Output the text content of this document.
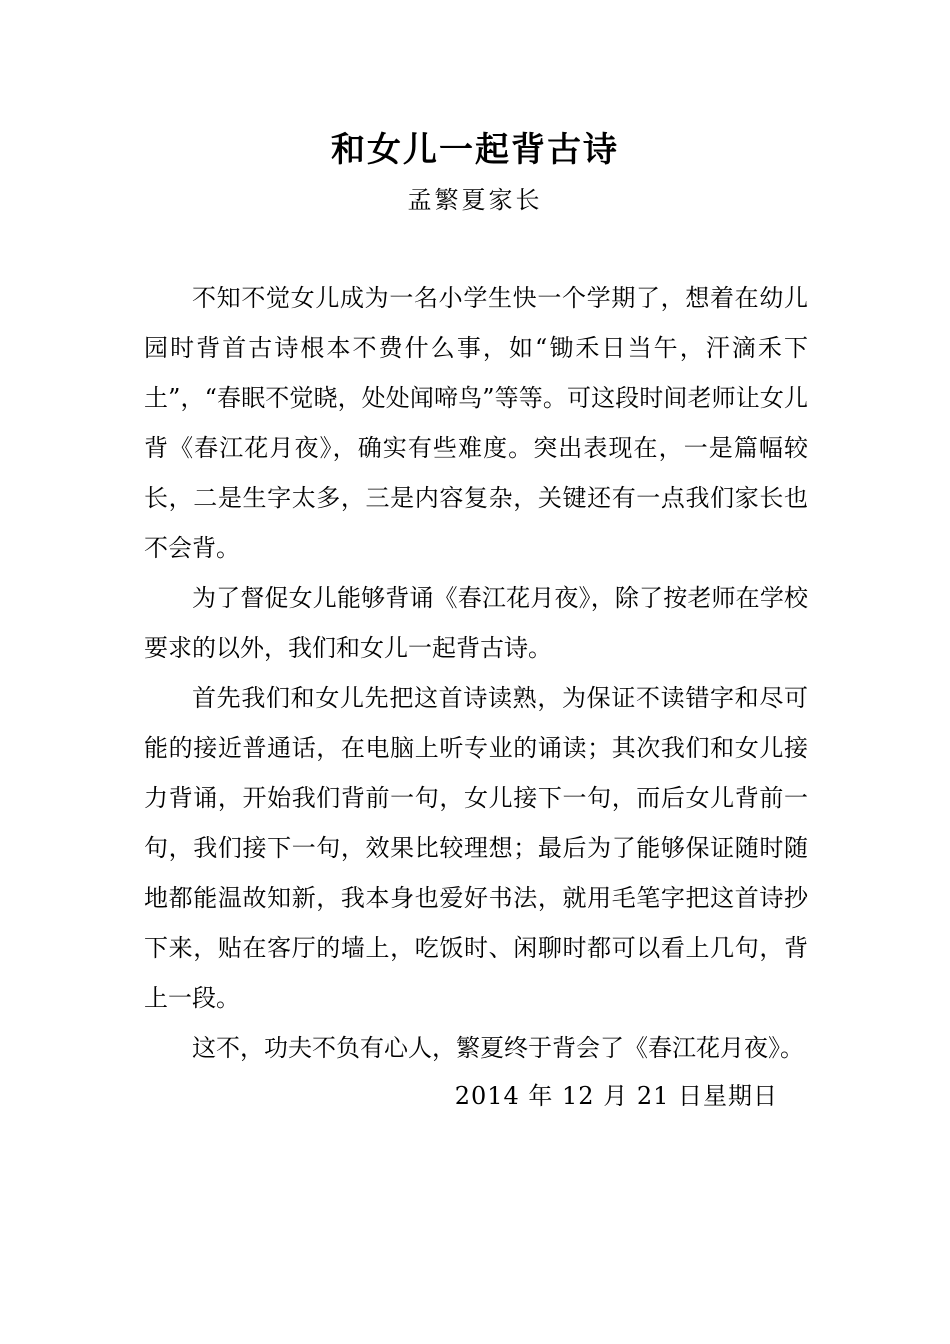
和女儿一起背古诗
孟繁夏家长

不知不觉女儿成为一名小学生快一个学期了，想着在幼儿园时背首古诗根本不费什么事，如“锄禾日当午，汗滴禾下土”，“春眠不觉晓，处处闻啼鸟”等等。可这段时间老师让女儿背《春江花月夜》，确实有些难度。突出表现在，一是篇幅较长，二是生字太多，三是内容复杂，关键还有一点我们家长也不会背。

为了督促女儿能够背诵《春江花月夜》，除了按老师在学校要求的以外，我们和女儿一起背古诗。

首先我们和女儿先把这首诗读熟，为保证不读错字和尽可能的接近普通话，在电脑上听专业的诵读；其次我们和女儿接力背诵，开始我们背前一句，女儿接下一句，而后女儿背前一句，我们接下一句，效果比较理想；最后为了能够保证随时随地都能温故知新，我本身也爱好书法，就用毛笔字把这首诗抄下来，贴在客厅的墙上，吃饭时、闲聊时都可以看上几句，背上一段。

这不，功夫不负有心人，繁夏终于背会了《春江花月夜》。

2014 年 12 月 21 日星期日
